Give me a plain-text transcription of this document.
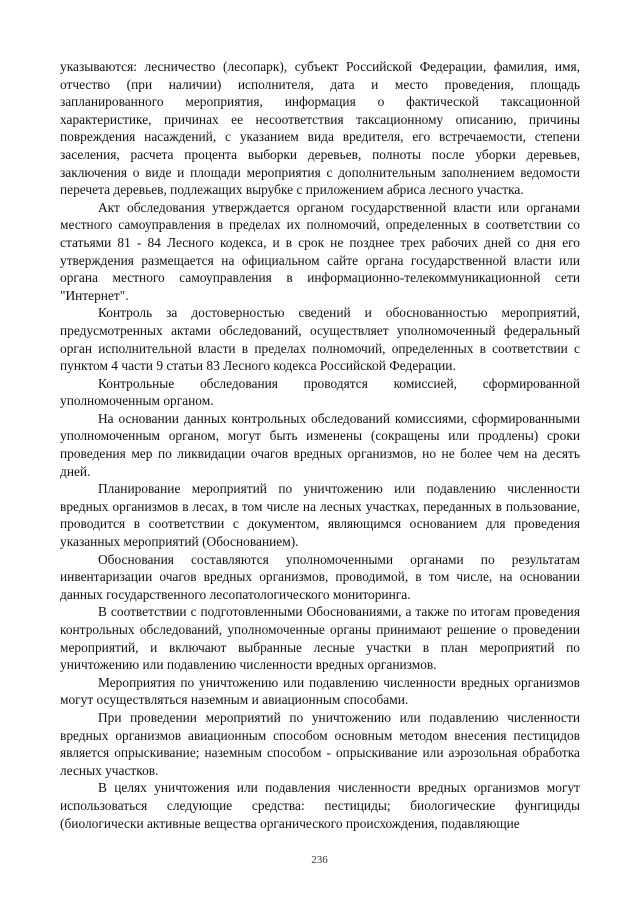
указываются: лесничество (лесопарк), субъект Российской Федерации, фамилия, имя, отчество (при наличии) исполнителя, дата и место проведения, площадь запланированного мероприятия, информация о фактической таксационной характеристике, причинах ее несоответствия таксационному описанию, причины повреждения насаждений, с указанием вида вредителя, его встречаемости, степени заселения, расчета процента выборки деревьев, полноты после уборки деревьев, заключения о виде и площади мероприятия с дополнительным заполнением ведомости перечета деревьев, подлежащих вырубке с приложением абриса лесного участка.

Акт обследования утверждается органом государственной власти или органами местного самоуправления в пределах их полномочий, определенных в соответствии со статьями 81 - 84 Лесного кодекса, и в срок не позднее трех рабочих дней со дня его утверждения размещается на официальном сайте органа государственной власти или органа местного самоуправления в информационно-телекоммуникационной сети "Интернет".

Контроль за достоверностью сведений и обоснованностью мероприятий, предусмотренных актами обследований, осуществляет уполномоченный федеральный орган исполнительной власти в пределах полномочий, определенных в соответствии с пунктом 4 части 9 статьи 83 Лесного кодекса Российской Федерации.

Контрольные обследования проводятся комиссией, сформированной уполномоченным органом.

На основании данных контрольных обследований комиссиями, сформированными уполномоченным органом, могут быть изменены (сокращены или продлены) сроки проведения мер по ликвидации очагов вредных организмов, но не более чем на десять дней.

Планирование мероприятий по уничтожению или подавлению численности вредных организмов в лесах, в том числе на лесных участках, переданных в пользование, проводится в соответствии с документом, являющимся основанием для проведения указанных мероприятий (Обоснованием).

Обоснования составляются уполномоченными органами по результатам инвентаризации очагов вредных организмов, проводимой, в том числе, на основании данных государственного лесопатологического мониторинга.

В соответствии с подготовленными Обоснованиями, а также по итогам проведения контрольных обследований, уполномоченные органы принимают решение о проведении мероприятий, и включают выбранные лесные участки в план мероприятий по уничтожению или подавлению численности вредных организмов.

Мероприятия по уничтожению или подавлению численности вредных организмов могут осуществляться наземным и авиационным способами.

При проведении мероприятий по уничтожению или подавлению численности вредных организмов авиационным способом основным методом внесения пестицидов является опрыскивание; наземным способом - опрыскивание или аэрозольная обработка лесных участков.

В целях уничтожения или подавления численности вредных организмов могут использоваться следующие средства: пестициды; биологические фунгициды (биологически активные вещества органического происхождения, подавляющие

236
